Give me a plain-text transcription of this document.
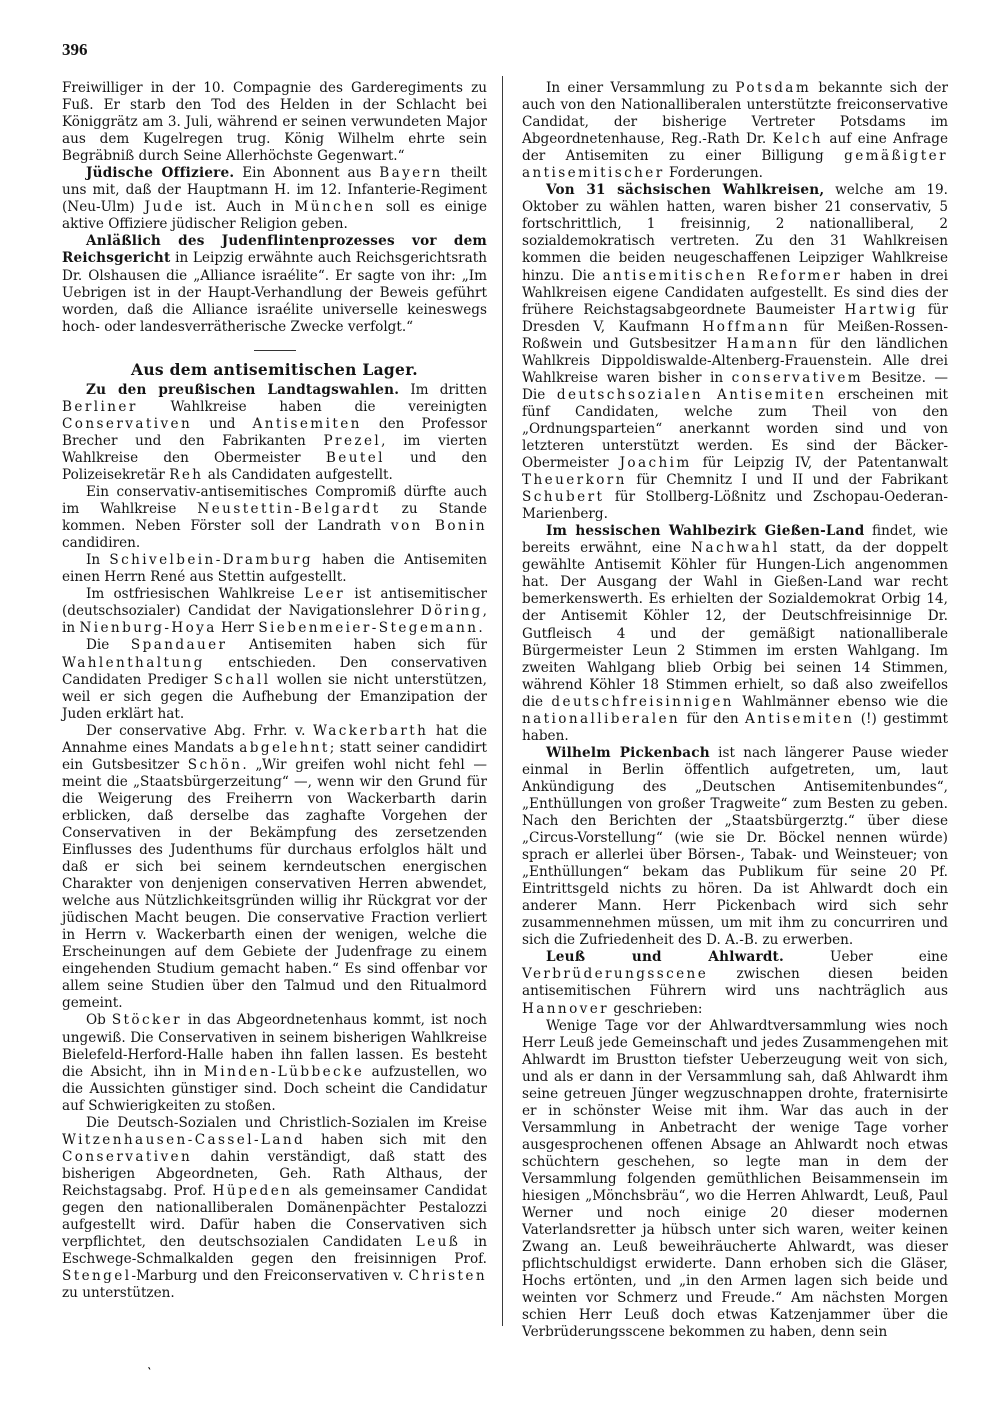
396

Freiwilliger in der 10. Compagnie des Garderegiments zu Fuß. Er starb den Tod des Helden in der Schlacht bei Königgrätz am 3. Juli, während er seinen verwundeten Major aus dem Kugelregen trug. König Wilhelm ehrte sein Begräbniß durch Seine Allerhöchste Gegenwart.“

Jüdische Offiziere. Ein Abonnent aus Bayern theilt uns mit, daß der Hauptmann H. im 12. Infanterie-Regiment (Neu-Ulm) Jude ist. Auch in München soll es einige aktive Offiziere jüdischer Religion geben.

Anläßlich des Judenflintenprozesses vor dem Reichsgericht in Leipzig erwähnte auch Reichsgerichtsrath Dr. Olshausen die „Alliance israélite“. Er sagte von ihr: „Im Uebrigen ist in der Haupt-Verhandlung der Beweis geführt worden, daß die Alliance israélite universelle keineswegs hoch- oder landesverrätherische Zwecke verfolgt.“

Aus dem antisemitischen Lager.

Zu den preußischen Landtagswahlen. Im dritten Berliner Wahlkreise haben die vereinigten Conservativen und Antisemiten den Professor Brecher und den Fabrikanten Prezel, im vierten Wahlkreise den Obermeister Beutel und den Polizeisekretär Reh als Candidaten aufgestellt.

Ein conservativ-antisemitisches Compromiß dürfte auch im Wahlkreise Neustettin-Belgardt zu Stande kommen. Neben Förster soll der Landrath von Bonin candidiren.

In Schivelbein-Dramburg haben die Antisemiten einen Herrn René aus Stettin aufgestellt.

Im ostfriesischen Wahlkreise Leer ist antisemitischer (deutschsozialer) Candidat der Navigationslehrer Döring, in Nienburg-Hoya Herr Siebenmeier-Stegemann.

Die Spandauer Antisemiten haben sich für Wahlenthaltung entschieden. Den conservativen Candidaten Prediger Schall wollen sie nicht unterstützen, weil er sich gegen die Aufhebung der Emanzipation der Juden erklärt hat.

Der conservative Abg. Frhr. v. Wackerbarth hat die Annahme eines Mandats abgelehnt; statt seiner candidirt ein Gutsbesitzer Schön. „Wir greifen wohl nicht fehl — meint die „Staatsbürgerzeitung“ —, wenn wir den Grund für die Weigerung des Freiherrn von Wackerbarth darin erblicken, daß derselbe das zaghafte Vorgehen der Conservativen in der Bekämpfung des zersetzenden Einflusses des Judenthums für durchaus erfolglos hält und daß er sich bei seinem kerndeutschen energischen Charakter von denjenigen conservativen Herren abwendet, welche aus Nützlichkeitsgründen willig ihr Rückgrat vor der jüdischen Macht beugen. Die conservative Fraction verliert in Herrn v. Wackerbarth einen der wenigen, welche die Erscheinungen auf dem Gebiete der Judenfrage zu einem eingehenden Studium gemacht haben.“ Es sind offenbar vor allem seine Studien über den Talmud und den Ritualmord gemeint.

Ob Stöcker in das Abgeordnetenhaus kommt, ist noch ungewiß. Die Conservativen in seinem bisherigen Wahlkreise Bielefeld-Herford-Halle haben ihn fallen lassen. Es besteht die Absicht, ihn in Minden-Lübbecke aufzustellen, wo die Aussichten günstiger sind. Doch scheint die Candidatur auf Schwierigkeiten zu stoßen.

Die Deutsch-Sozialen und Christlich-Sozialen im Kreise Witzenhausen-Cassel-Land haben sich mit den Conservativen dahin verständigt, daß statt des bisherigen Abgeordneten, Geh. Rath Althaus, der Reichstagsabg. Prof. Hüpeden als gemeinsamer Candidat gegen den nationalliberalen Domänenpächter Pestalozzi aufgestellt wird. Dafür haben die Conservativen sich verpflichtet, den deutschsozialen Candidaten Leuß in Eschwege-Schmalkalden gegen den freisinnigen Prof. Stengel-Marburg und den Freiconservativen v. Christen zu unterstützen.

In einer Versammlung zu Potsdam bekannte sich der auch von den Nationalliberalen unterstützte freiconservative Candidat, der bisherige Vertreter Potsdams im Abgeordnetenhause, Reg.-Rath Dr. Kelch auf eine Anfrage der Antisemiten zu einer Billigung gemäßigter antisemitischer Forderungen.

Von 31 sächsischen Wahlkreisen, welche am 19. Oktober zu wählen hatten, waren bisher 21 conservativ, 5 fortschrittlich, 1 freisinnig, 2 nationalliberal, 2 sozialdemokratisch vertreten. Zu den 31 Wahlkreisen kommen die beiden neugeschaffenen Leipziger Wahlkreise hinzu. Die antisemitischen Reformer haben in drei Wahlkreisen eigene Candidaten aufgestellt. Es sind dies der frühere Reichstagsabgeordnete Baumeister Hartwig für Dresden V, Kaufmann Hoffmann für Meißen-Rossen-Roßwein und Gutsbesitzer Hamann für den ländlichen Wahlkreis Dippoldiswalde-Altenberg-Frauenstein. Alle drei Wahlkreise waren bisher in conservativem Besitze. — Die deutschsozialen Antisemiten erscheinen mit fünf Candidaten, welche zum Theil von den „Ordnungsparteien“ anerkannt worden sind und von letzteren unterstützt werden. Es sind der Bäcker-Obermeister Joachim für Leipzig IV, der Patentanwalt Theuerkorn für Chemnitz I und II und der Fabrikant Schubert für Stollberg-Lößnitz und Zschopau-Oederan-Marienberg.

Im hessischen Wahlbezirk Gießen-Land findet, wie bereits erwähnt, eine Nachwahl statt, da der doppelt gewählte Antisemit Köhler für Hungen-Lich angenommen hat. Der Ausgang der Wahl in Gießen-Land war recht bemerkenswerth. Es erhielten der Sozialdemokrat Orbig 14, der Antisemit Köhler 12, der Deutschfreisinnige Dr. Gutfleisch 4 und der gemäßigt nationalliberale Bürgermeister Leun 2 Stimmen im ersten Wahlgang. Im zweiten Wahlgang blieb Orbig bei seinen 14 Stimmen, während Köhler 18 Stimmen erhielt, so daß also zweifellos die deutschfreisinnigen Wahlmänner ebenso wie die nationalliberalen für den Antisemiten (!) gestimmt haben.

Wilhelm Pickenbach ist nach längerer Pause wieder einmal in Berlin öffentlich aufgetreten, um, laut Ankündigung des „Deutschen Antisemitenbundes“, „Enthüllungen von großer Tragweite“ zum Besten zu geben. Nach den Berichten der „Staatsbürgerztg.“ über diese „Circus-Vorstellung“ (wie sie Dr. Böckel nennen würde) sprach er allerlei über Börsen-, Tabak- und Weinsteuer; von „Enthüllungen“ bekam das Publikum für seine 20 Pf. Eintrittsgeld nichts zu hören. Da ist Ahlwardt doch ein anderer Mann. Herr Pickenbach wird sich sehr zusammennehmen müssen, um mit ihm zu concurriren und sich die Zufriedenheit des D. A.-B. zu erwerben.

Leuß und Ahlwardt. Ueber eine Verbrüderungsscene zwischen diesen beiden antisemitischen Führern wird uns nachträglich aus Hannover geschrieben:

Wenige Tage vor der Ahlwardtversammlung wies noch Herr Leuß jede Gemeinschaft und jedes Zusammengehen mit Ahlwardt im Brustton tiefster Ueberzeugung weit von sich, und als er dann in der Versammlung sah, daß Ahlwardt ihm seine getreuen Jünger wegzuschnappen drohte, fraternisirte er in schönster Weise mit ihm. War das auch in der Versammlung in Anbetracht der wenige Tage vorher ausgesprochenen offenen Absage an Ahlwardt noch etwas schüchtern geschehen, so legte man in dem der Versammlung folgenden gemüthlichen Beisammensein im hiesigen „Mönchsbräu“, wo die Herren Ahlwardt, Leuß, Paul Werner und noch einige 20 dieser modernen Vaterlandsretter ja hübsch unter sich waren, weiter keinen Zwang an. Leuß beweihräucherte Ahlwardt, was dieser pflichtschuldigst erwiderte. Dann erhoben sich die Gläser, Hochs ertönten, und „in den Armen lagen sich beide und weinten vor Schmerz und Freude.“ Am nächsten Morgen schien Herr Leuß doch etwas Katzenjammer über die Verbrüderungsscene bekommen zu haben, denn sein

˴
